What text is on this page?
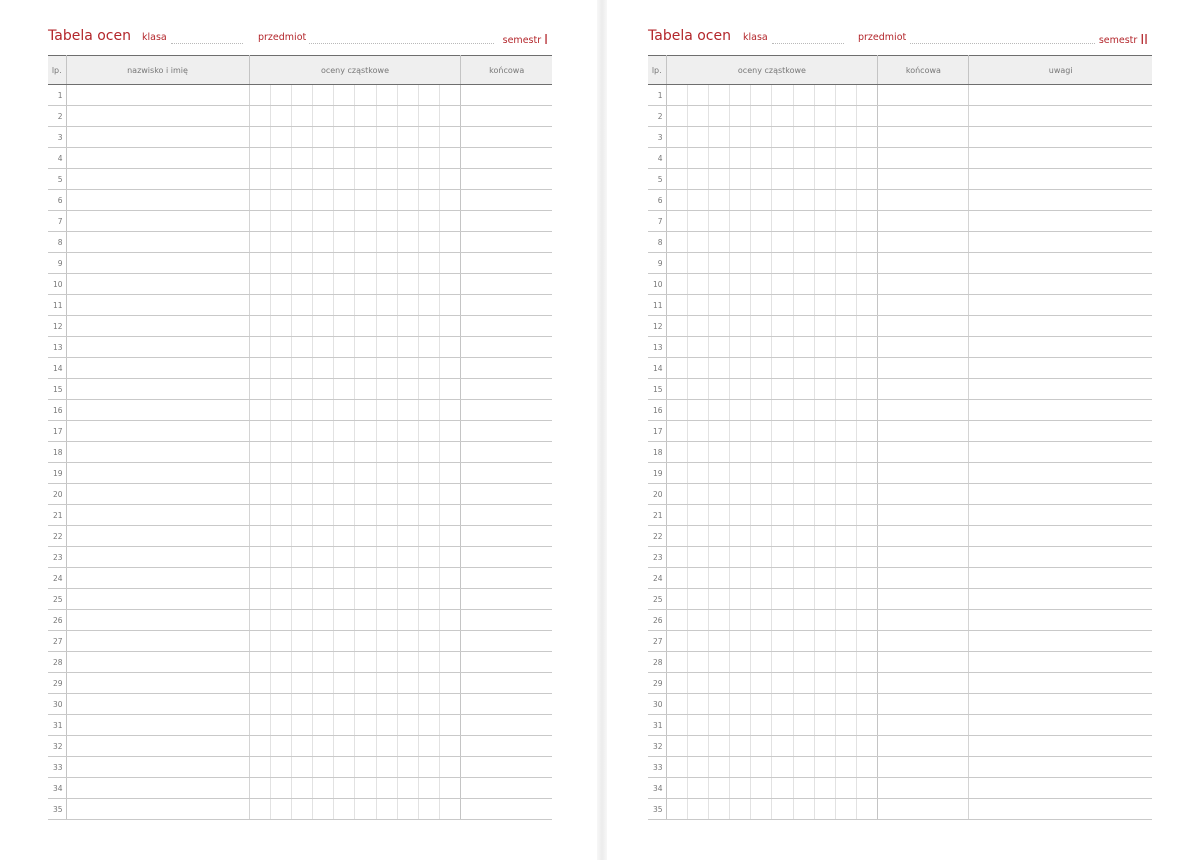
Tabela ocen klasa	przedmiot	semestr I
lp.	nazwisko i imię	oceny cząstkowe										końcowa
1												
2												
3												
4												
5												
6												
7												
8												
9												
10												
11												
12												
13												
14												
15												
16												
17												
18												
19												
20												
21												
22												
23												
24												
25												
26												
27												
28												
29												
30												
31												
32												
33												
34												
35												
Tabela ocen klasa	przedmiot	semestr II
lp.	oceny cząstkowe										końcowa	uwagi
1												
2												
3												
4												
5												
6												
7												
8												
9												
10												
11												
12												
13												
14												
15												
16												
17												
18												
19												
20												
21												
22												
23												
24												
25												
26												
27												
28												
29												
30												
31												
32												
33												
34												
35												
